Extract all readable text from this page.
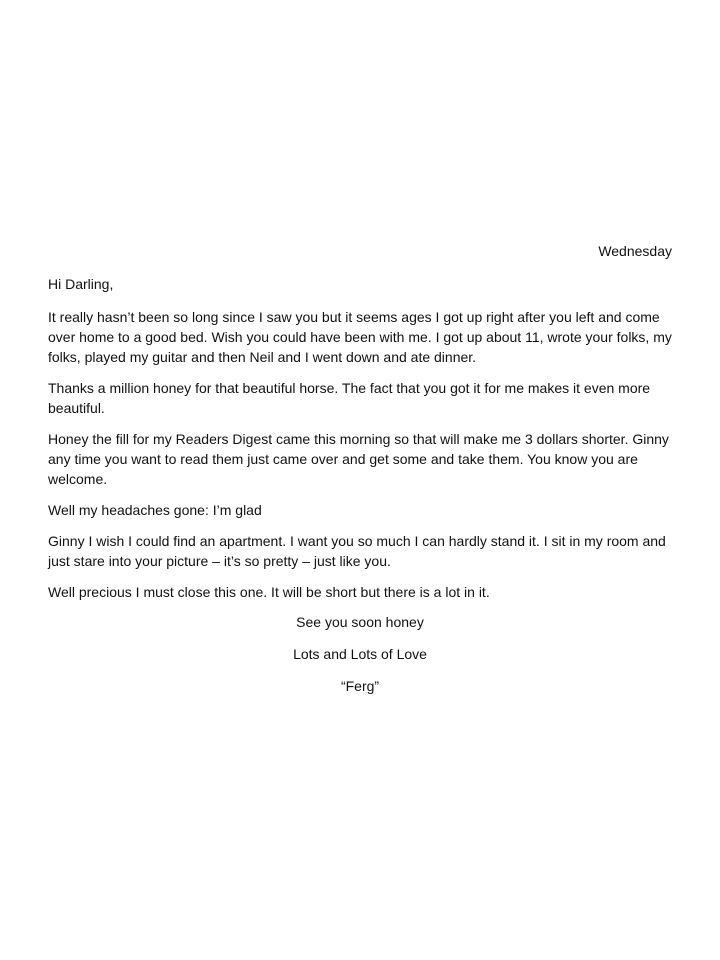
Wednesday
Hi Darling,
It really hasn’t been so long since I saw you but it seems ages I got up right after you left and come over home to a good bed. Wish you could have been with me. I got up about 11, wrote your folks, my folks, played my guitar and then Neil and I went down and ate dinner.
Thanks a million honey for that beautiful horse. The fact that you got it for me makes it even more beautiful.
Honey the fill for my Readers Digest came this morning so that will make me 3 dollars shorter. Ginny any time you want to read them just came over and get some and take them. You know you are welcome.
Well my headaches gone: I’m glad
Ginny I wish I could find an apartment. I want you so much I can hardly stand it. I sit in my room and just stare into your picture – it’s so pretty – just like you.
Well precious I must close this one. It will be short but there is a lot in it.
See you soon honey
Lots and Lots of Love
“Ferg”
